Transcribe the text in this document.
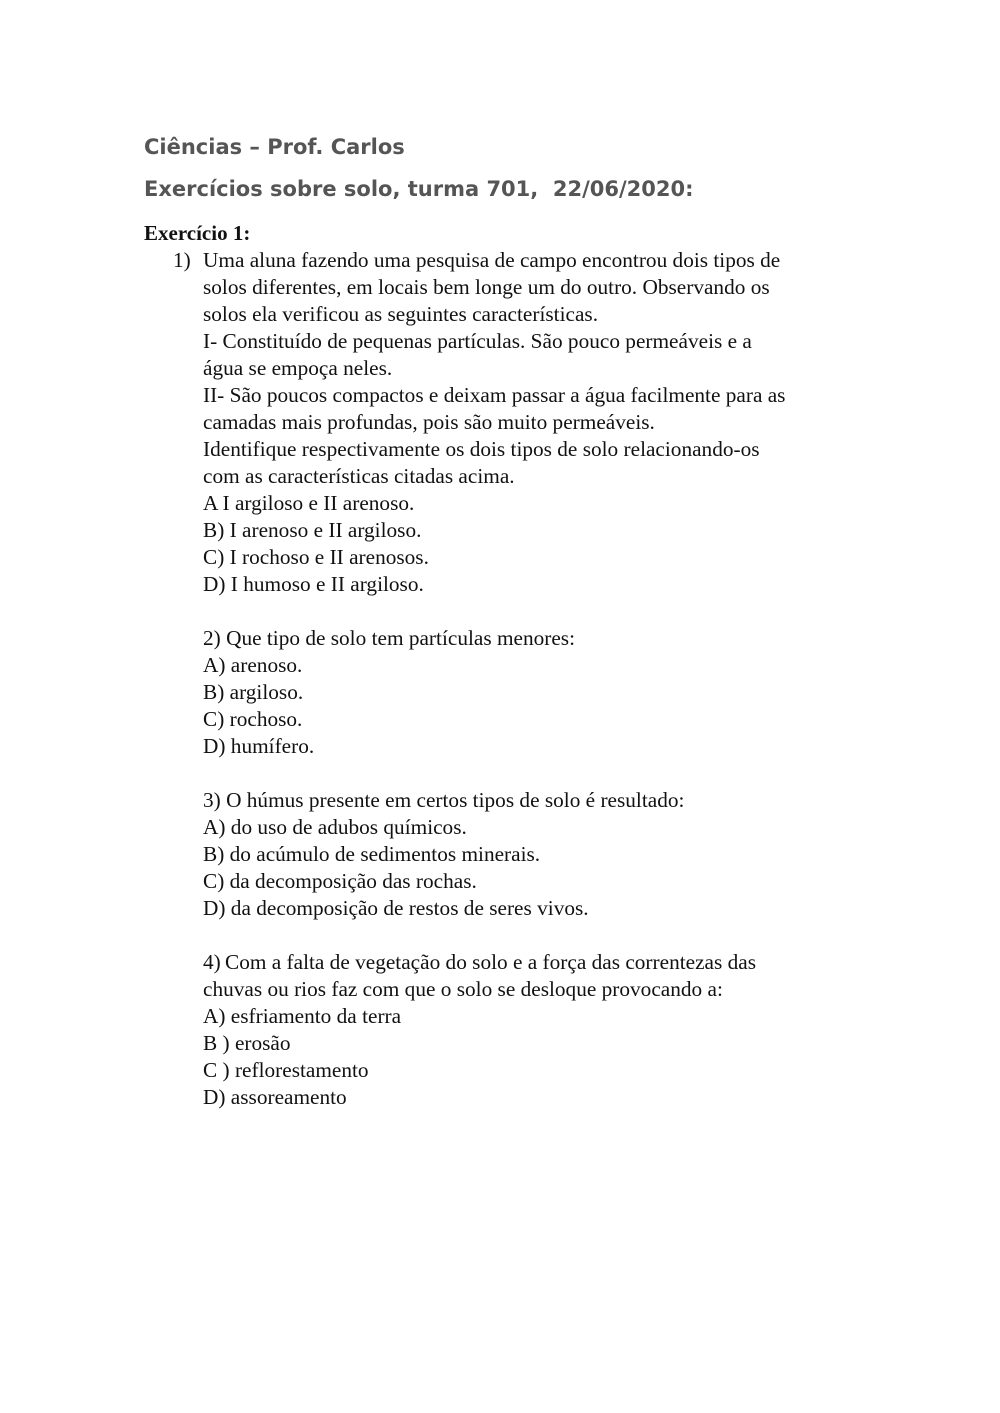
Ciências – Prof. Carlos
Exercícios sobre solo, turma 701,  22/06/2020:
Exercício 1:
1) Uma aluna fazendo uma pesquisa de campo encontrou dois tipos de
solos diferentes, em locais bem longe um do outro. Observando os
solos ela verificou as seguintes características.
I- Constituído de pequenas partículas. São pouco permeáveis e a
água se empoça neles.
II- São poucos compactos e deixam passar a água facilmente para as
camadas mais profundas, pois são muito permeáveis.
Identifique respectivamente os dois tipos de solo relacionando-os
com as características citadas acima.
A I argiloso e II arenoso.
B) I arenoso e II argiloso.
C) I rochoso e II arenosos.
D) I humoso e II argiloso.
2) Que tipo de solo tem partículas menores:
A) arenoso.
B) argiloso.
C) rochoso.
D) humífero.
3) O húmus presente em certos tipos de solo é resultado:
A) do uso de adubos químicos.
B) do acúmulo de sedimentos minerais.
C) da decomposição das rochas.
D) da decomposição de restos de seres vivos.
4) Com a falta de vegetação do solo e a força das correntezas das
chuvas ou rios faz com que o solo se desloque provocando a:
A) esfriamento da terra
B ) erosão
C ) reflorestamento
D) assoreamento
